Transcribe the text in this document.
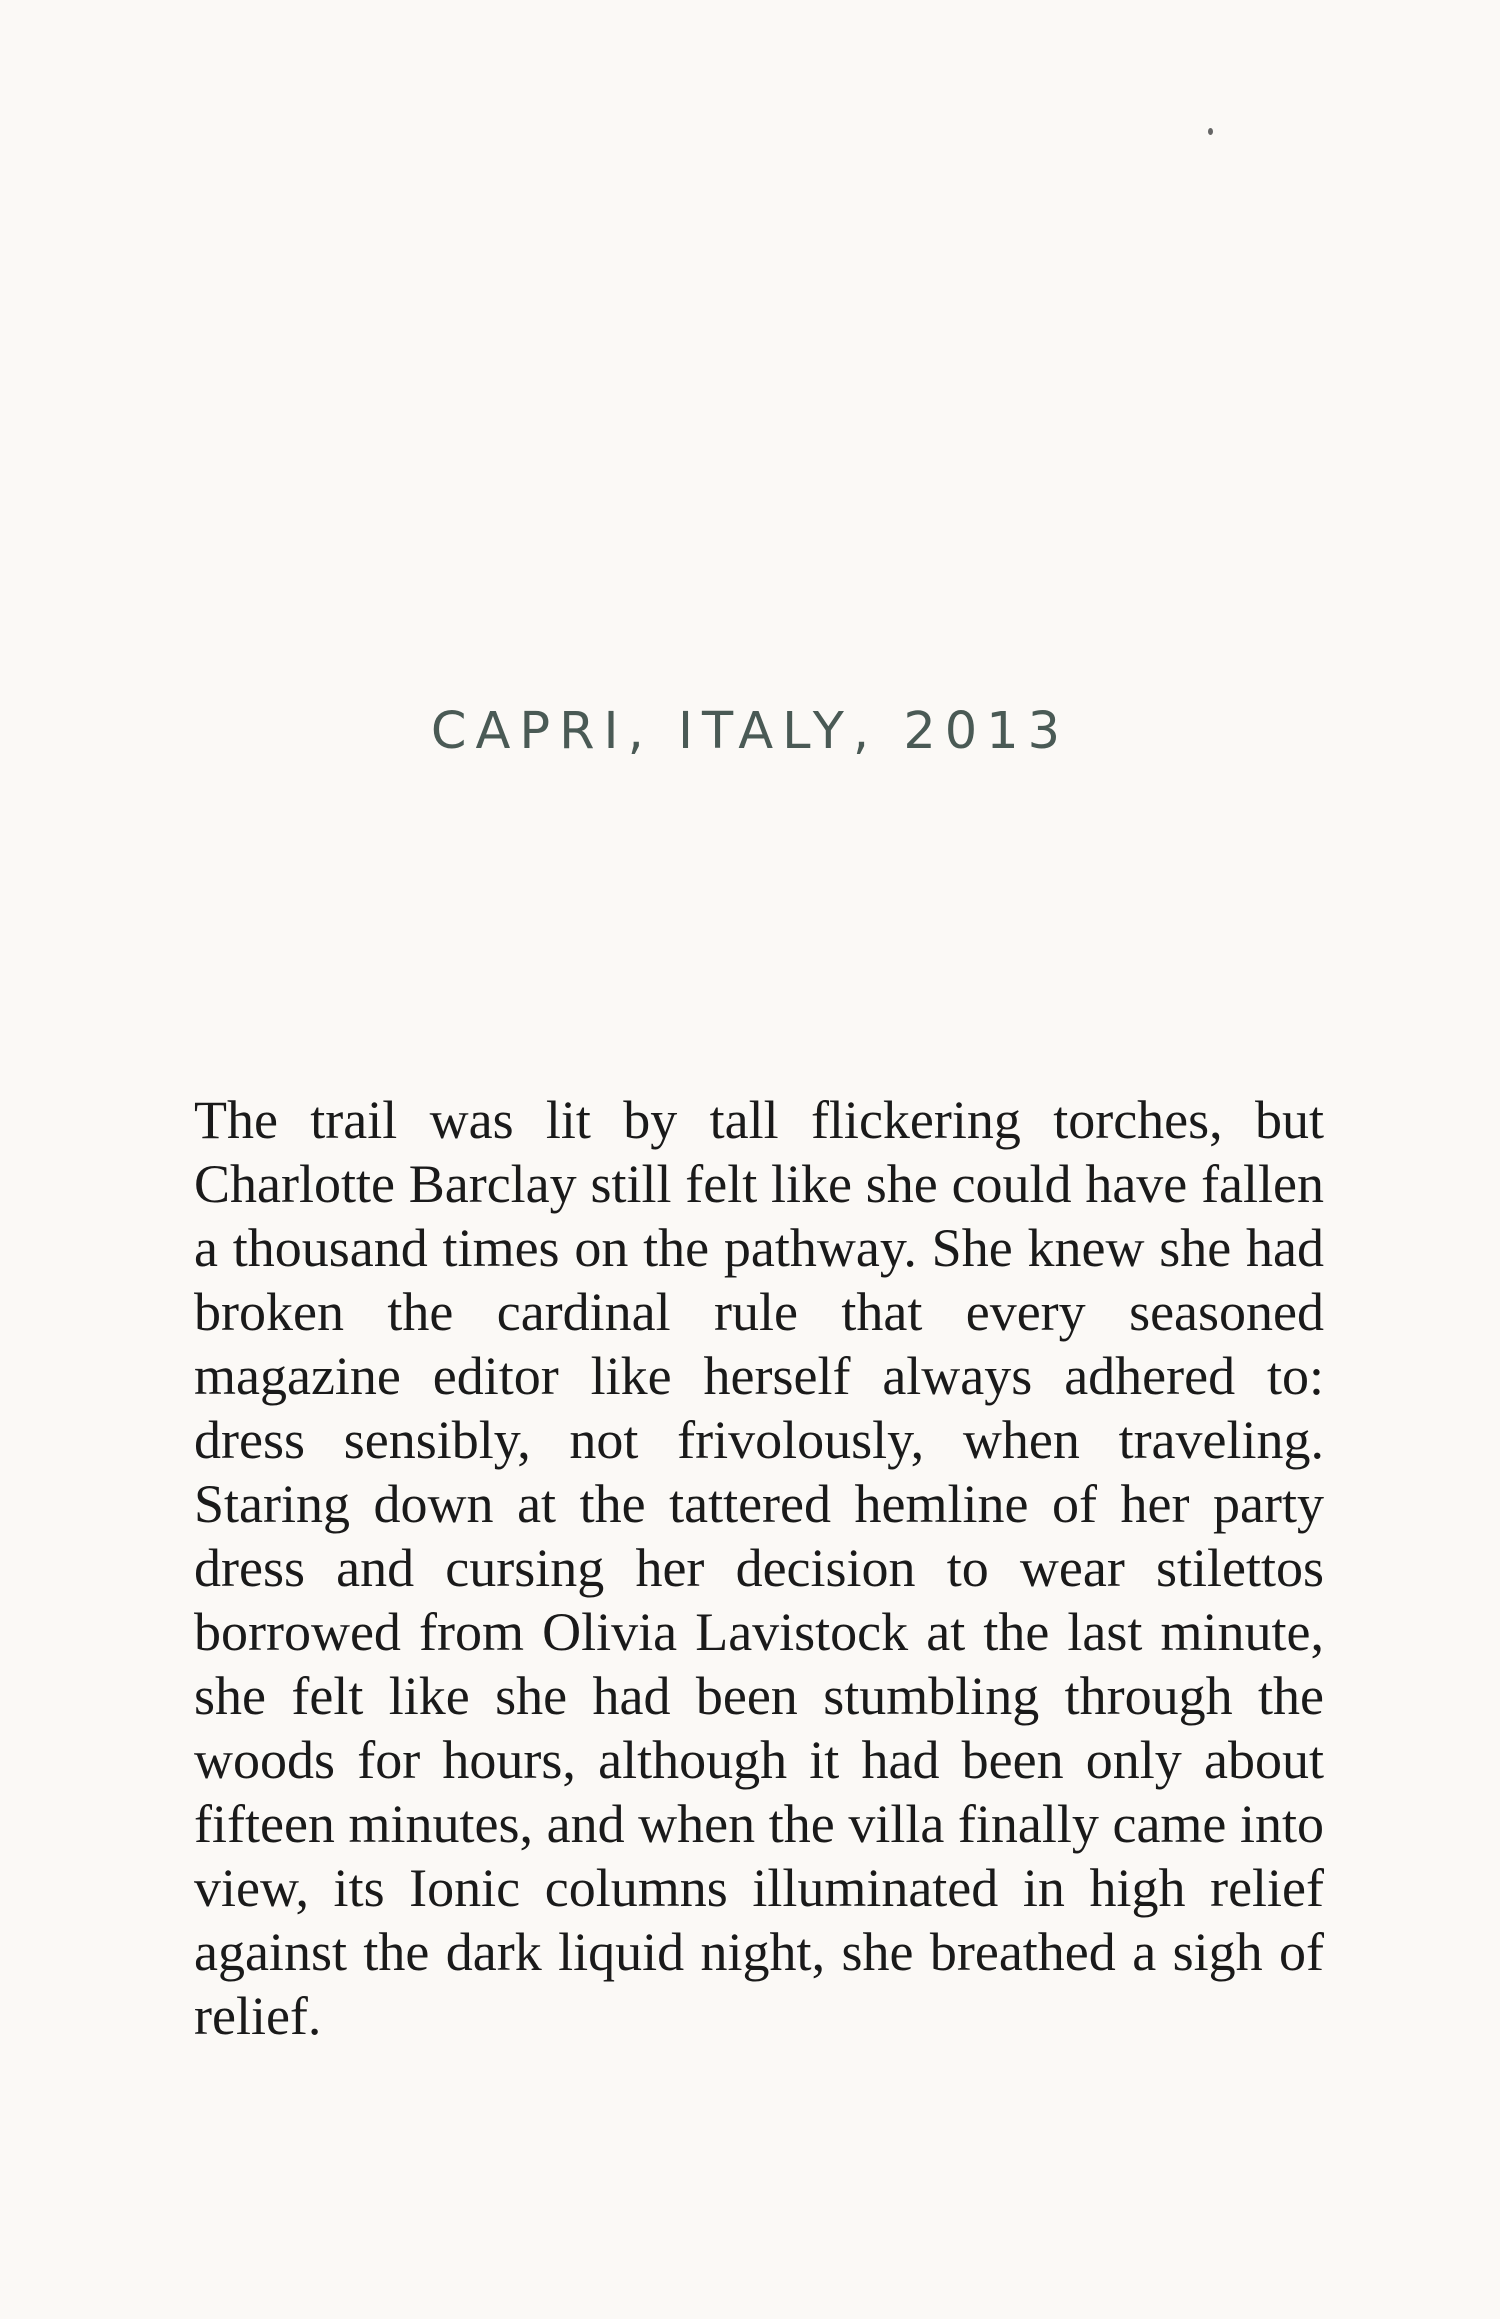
CAPRI, ITALY, 2013

The trail was lit by tall flickering torches, but Charlotte Barclay still felt like she could have fallen a thousand times on the pathway. She knew she had broken the cardinal rule that every seasoned magazine editor like herself always adhered to: dress sensibly, not frivolously, when traveling. Staring down at the tattered hemline of her party dress and cursing her decision to wear stilettos borrowed from Olivia Lavistock at the last minute, she felt like she had been stumbling through the woods for hours, although it had been only about fifteen minutes, and when the villa finally came into view, its Ionic columns illuminated in high relief against the dark liquid night, she breathed a sigh of relief.
